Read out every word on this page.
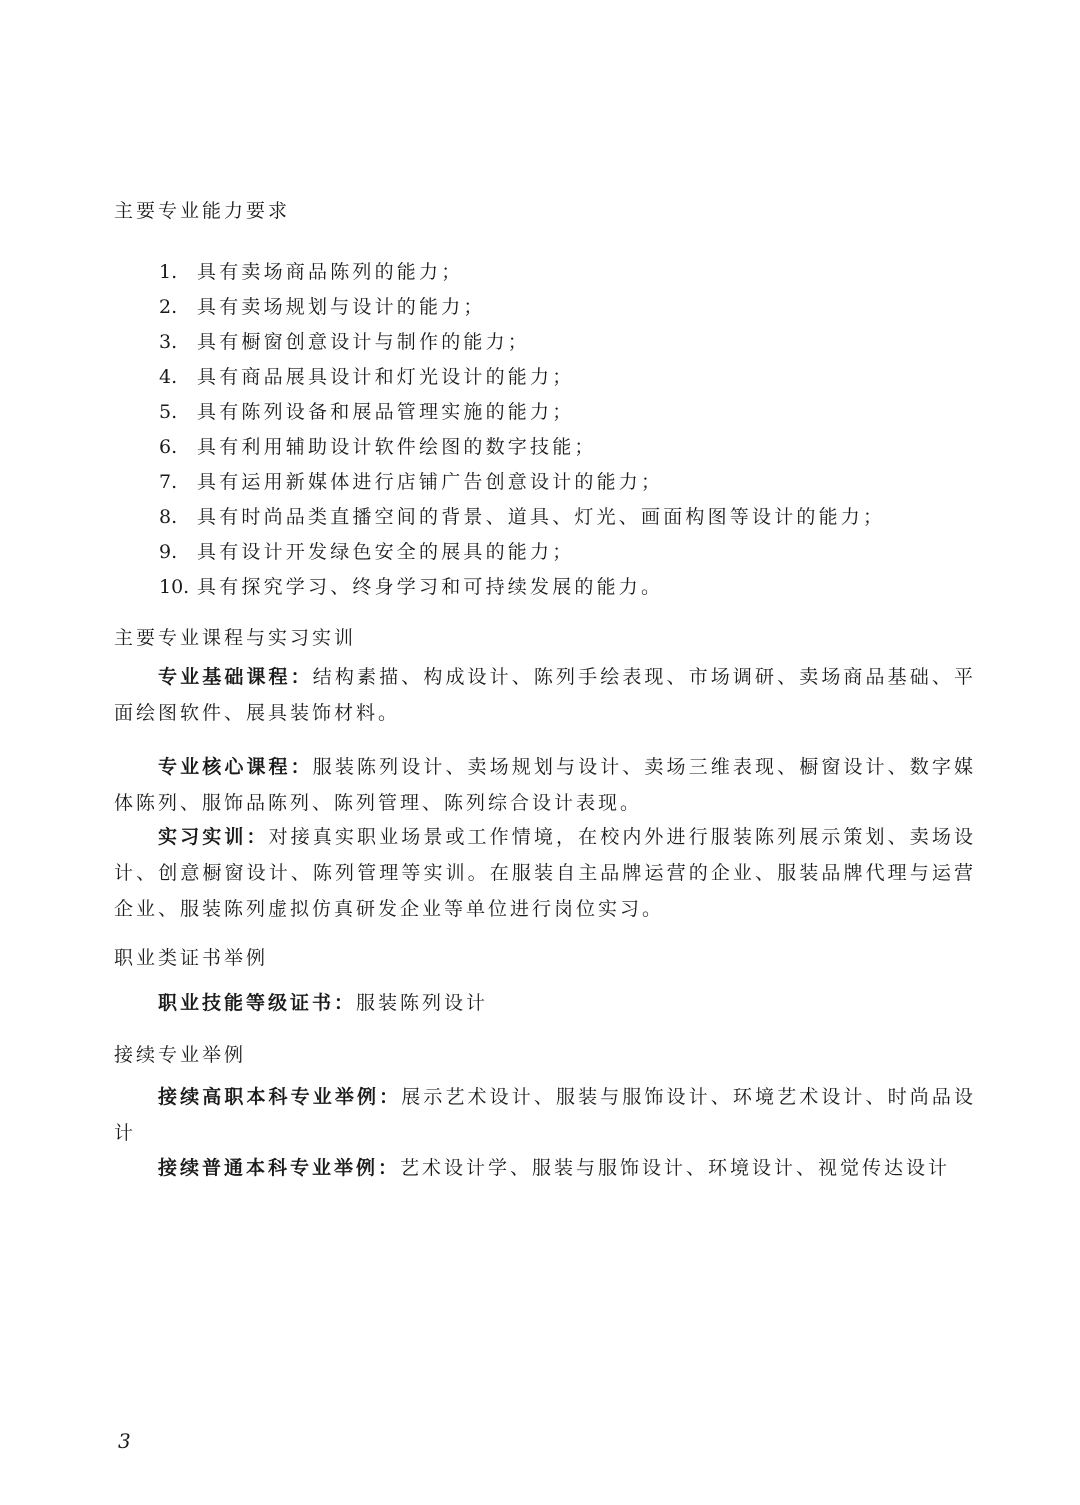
主要专业能力要求
1. 具有卖场商品陈列的能力；
2. 具有卖场规划与设计的能力；
3. 具有橱窗创意设计与制作的能力；
4. 具有商品展具设计和灯光设计的能力；
5. 具有陈列设备和展品管理实施的能力；
6. 具有利用辅助设计软件绘图的数字技能；
7. 具有运用新媒体进行店铺广告创意设计的能力；
8. 具有时尚品类直播空间的背景、道具、灯光、画面构图等设计的能力；
9. 具有设计开发绿色安全的展具的能力；
10. 具有探究学习、终身学习和可持续发展的能力。
主要专业课程与实习实训
专业基础课程：结构素描、构成设计、陈列手绘表现、市场调研、卖场商品基础、平面绘图软件、展具装饰材料。
专业核心课程：服装陈列设计、卖场规划与设计、卖场三维表现、橱窗设计、数字媒体陈列、服饰品陈列、陈列管理、陈列综合设计表现。
实习实训：对接真实职业场景或工作情境，在校内外进行服装陈列展示策划、卖场设计、创意橱窗设计、陈列管理等实训。在服装自主品牌运营的企业、服装品牌代理与运营企业、服装陈列虚拟仿真研发企业等单位进行岗位实习。
职业类证书举例
职业技能等级证书：服装陈列设计
接续专业举例
接续高职本科专业举例：展示艺术设计、服装与服饰设计、环境艺术设计、时尚品设计
接续普通本科专业举例：艺术设计学、服装与服饰设计、环境设计、视觉传达设计
3
